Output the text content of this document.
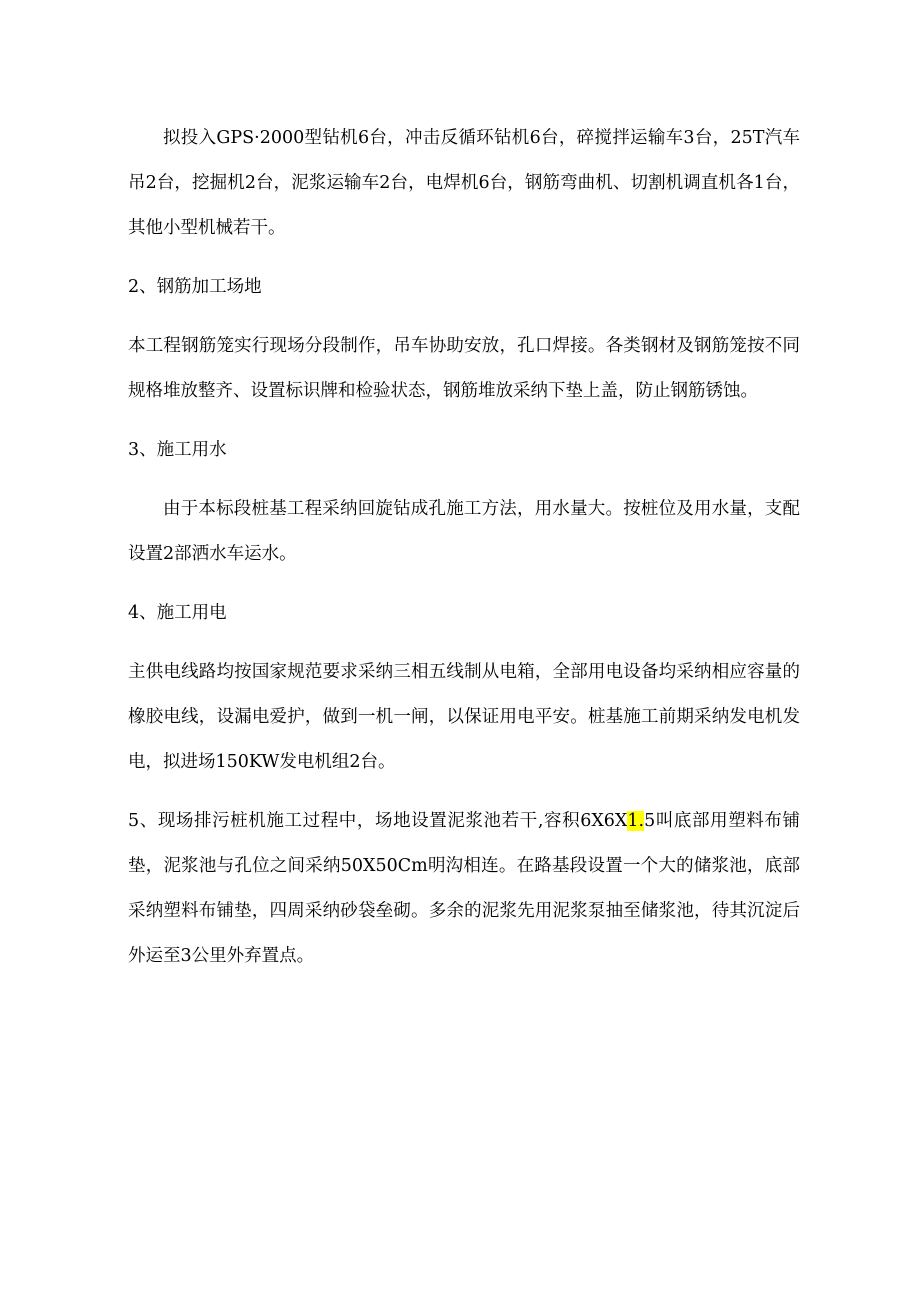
拟投入GPS·2000型钻机6台，冲击反循环钻机6台，碎搅拌运输车3台，25T汽车吊2台，挖掘机2台，泥浆运输车2台，电焊机6台，钢筋弯曲机、切割机调直机各1台，其他小型机械若干。

2、钢筋加工场地

本工程钢筋笼实行现场分段制作，吊车协助安放，孔口焊接。各类钢材及钢筋笼按不同规格堆放整齐、设置标识牌和检验状态，钢筋堆放采纳下垫上盖，防止钢筋锈蚀。

3、施工用水

由于本标段桩基工程采纳回旋钻成孔施工方法，用水量大。按桩位及用水量，支配设置2部洒水车运水。

4、施工用电

主供电线路均按国家规范要求采纳三相五线制从电箱，全部用电设备均采纳相应容量的橡胶电线，设漏电爱护，做到一机一闸，以保证用电平安。桩基施工前期采纳发电机发电，拟进场150KW发电机组2台。

5、现场排污桩机施工过程中，场地设置泥浆池若干,容积6X6X1.5叫底部用塑料布铺垫，泥浆池与孔位之间采纳50X50Cm明沟相连。在路基段设置一个大的储浆池，底部采纳塑料布铺垫，四周采纳砂袋垒砌。多余的泥浆先用泥浆泵抽至储浆池，待其沉淀后外运至3公里外弃置点。
